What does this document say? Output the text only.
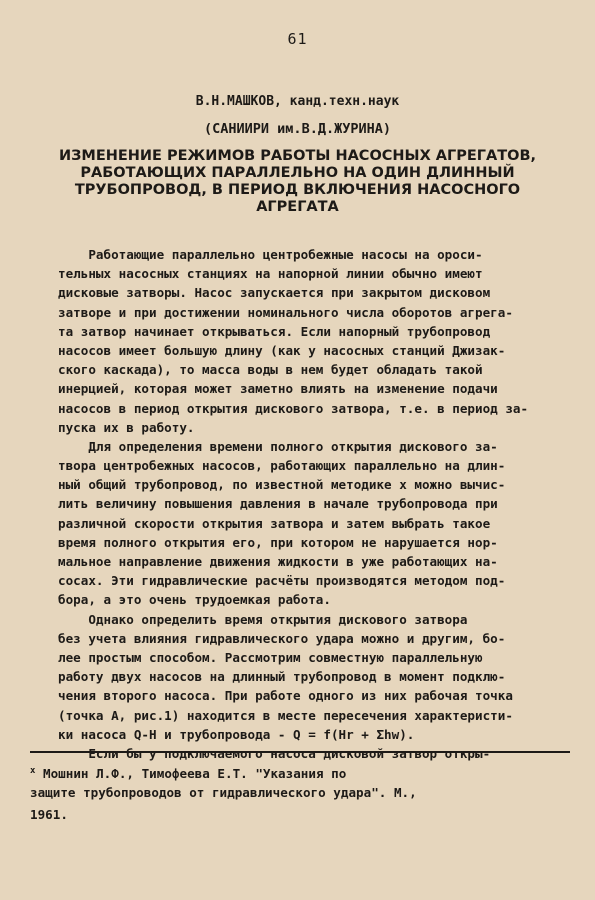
61
В.Н.МАШКОВ, канд.техн.наук
(САНИИРИ им.В.Д.ЖУРИНА)
ИЗМЕНЕНИЕ РЕЖИМОВ РАБОТЫ НАСОСНЫХ АГРЕГАТОВ,
РАБОТАЮЩИХ ПАРАЛЛЕЛЬНО НА ОДИН ДЛИННЫЙ
ТРУБОПРОВОД, В ПЕРИОД ВКЛЮЧЕНИЯ НАСОСНОГО
АГРЕГАТА
Работающие параллельно центробежные насосы на ороси-
тельных насосных станциях на напорной линии обычно имеют
дисковые затворы. Насос запускается при закрытом дисковом
затворе и при достижении номинального числа оборотов агрега-
та затвор начинает открываться. Если напорный трубопровод
насосов имеет большую длину (как у насосных станций Джизак-
ского каскада), то масса воды в нем будет обладать такой
инерцией, которая может заметно влиять на изменение подачи
насосов в период открытия дискового затвора, т.е. в период за-
пуска их в работу.
Для определения времени полного открытия дискового за-
твора центробежных насосов, работающих параллельно на длин-
ный общий трубопровод, по известной методике x можно вычис-
лить величину повышения давления в начале трубопровода при
различной скорости открытия затвора и затем выбрать такое
время полного открытия его, при котором не нарушается нор-
мальное направление движения жидкости в уже работающих на-
сосах. Эти гидравлические расчёты производятся методом под-
бора, а это очень трудоемкая работа.
Однако определить время открытия дискового затвора
без учета влияния гидравлического удара можно и другим, бо-
лее простым способом. Рассмотрим совместную параллельную
работу двух насосов на длинный трубопровод в момент подклю-
чения второго насоса. При работе одного из них рабочая точка
(точка А, рис.1) находится в месте пересечения характеристи-
ки насоса Q-H и трубопровода - Q = f(Hr + Σhw).
Если бы у подключаемого насоса дисковой затвор откры-
$^x$ Мошнин Л.Ф., Тимофеева Е.Т. "Указания по
защите трубопроводов от гидравлического удара". М.,
1961.
